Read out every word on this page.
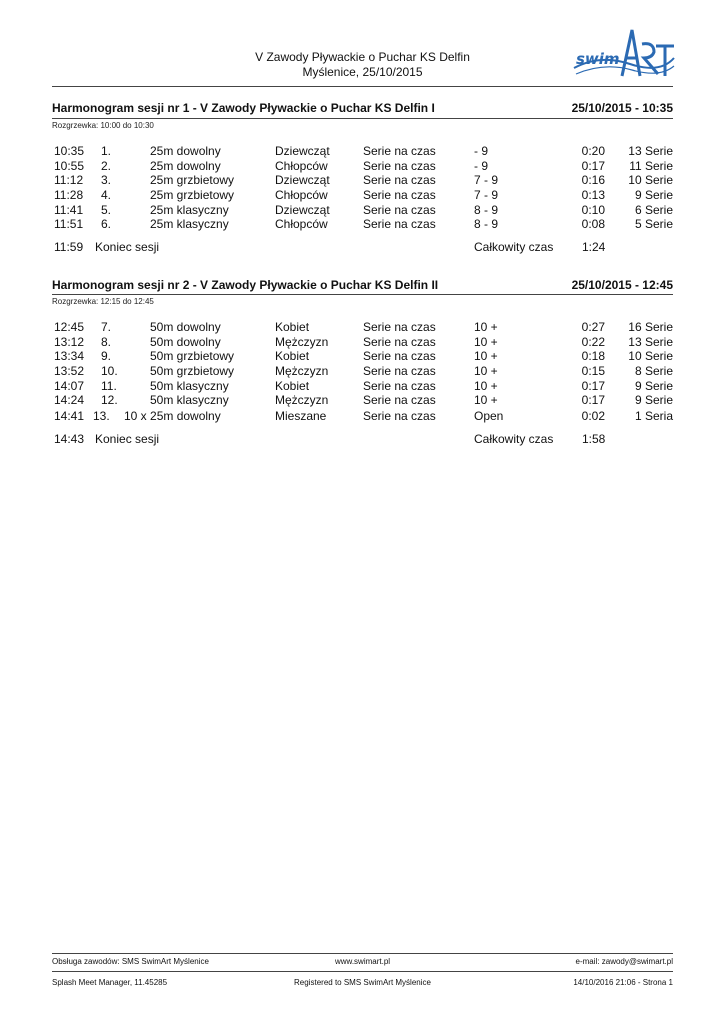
V Zawody Pływackie o Puchar KS Delfin
Myślenice, 25/10/2015
swim
Harmonogram sesji nr 1 - V Zawody Pływackie o Puchar KS Delfin I	25/10/2015 - 10:35
Rozgrzewka: 10:00 do 10:30
10:35 1.	25m dowolny	Dziewcząt	Serie na czas	- 9	0:20 13 Serie
10:55 2.	25m dowolny	Chłopców	Serie na czas	- 9	0:17 11 Serie
11:12 3.	25m grzbietowy	Dziewcząt	Serie na czas	7 - 9	0:16 10 Serie
11:28 4.	25m grzbietowy	Chłopców	Serie na czas	7 - 9	0:13 9 Serie
11:41 5.	25m klasyczny	Dziewcząt	Serie na czas	8 - 9	0:10 6 Serie
11:51 6.	25m klasyczny	Chłopców	Serie na czas	8 - 9	0:08 5 Serie
11:59 Koniec sesji	Całkowity czas 1:24
Harmonogram sesji nr 2 - V Zawody Pływackie o Puchar KS Delfin II	25/10/2015 - 12:45
Rozgrzewka: 12:15 do 12:45
12:45 7.	50m dowolny	Kobiet	Serie na czas	10 +	0:27 16 Serie
13:12 8.	50m dowolny	Mężczyzn	Serie na czas	10 +	0:22 13 Serie
13:34 9.	50m grzbietowy	Kobiet	Serie na czas	10 +	0:18 10 Serie
13:52 10.	50m grzbietowy	Mężczyzn	Serie na czas	10 +	0:15 8 Serie
14:07 11.	50m klasyczny	Kobiet	Serie na czas	10 +	0:17 9 Serie
14:24 12.	50m klasyczny	Mężczyzn	Serie na czas	10 +	0:17 9 Serie
14:41 13. 10 x 25m dowolny	Mieszane	Serie na czas	Open	0:02 1 Seria
14:43 Koniec sesji	Całkowity czas 1:58
Obsługa zawodów: SMS SwimArt Myślenice	www.swimart.pl	e-mail: zawody@swimart.pl
Splash Meet Manager, 11.45285	Registered to SMS SwimArt Myślenice	14/10/2016 21:06 - Strona 1
